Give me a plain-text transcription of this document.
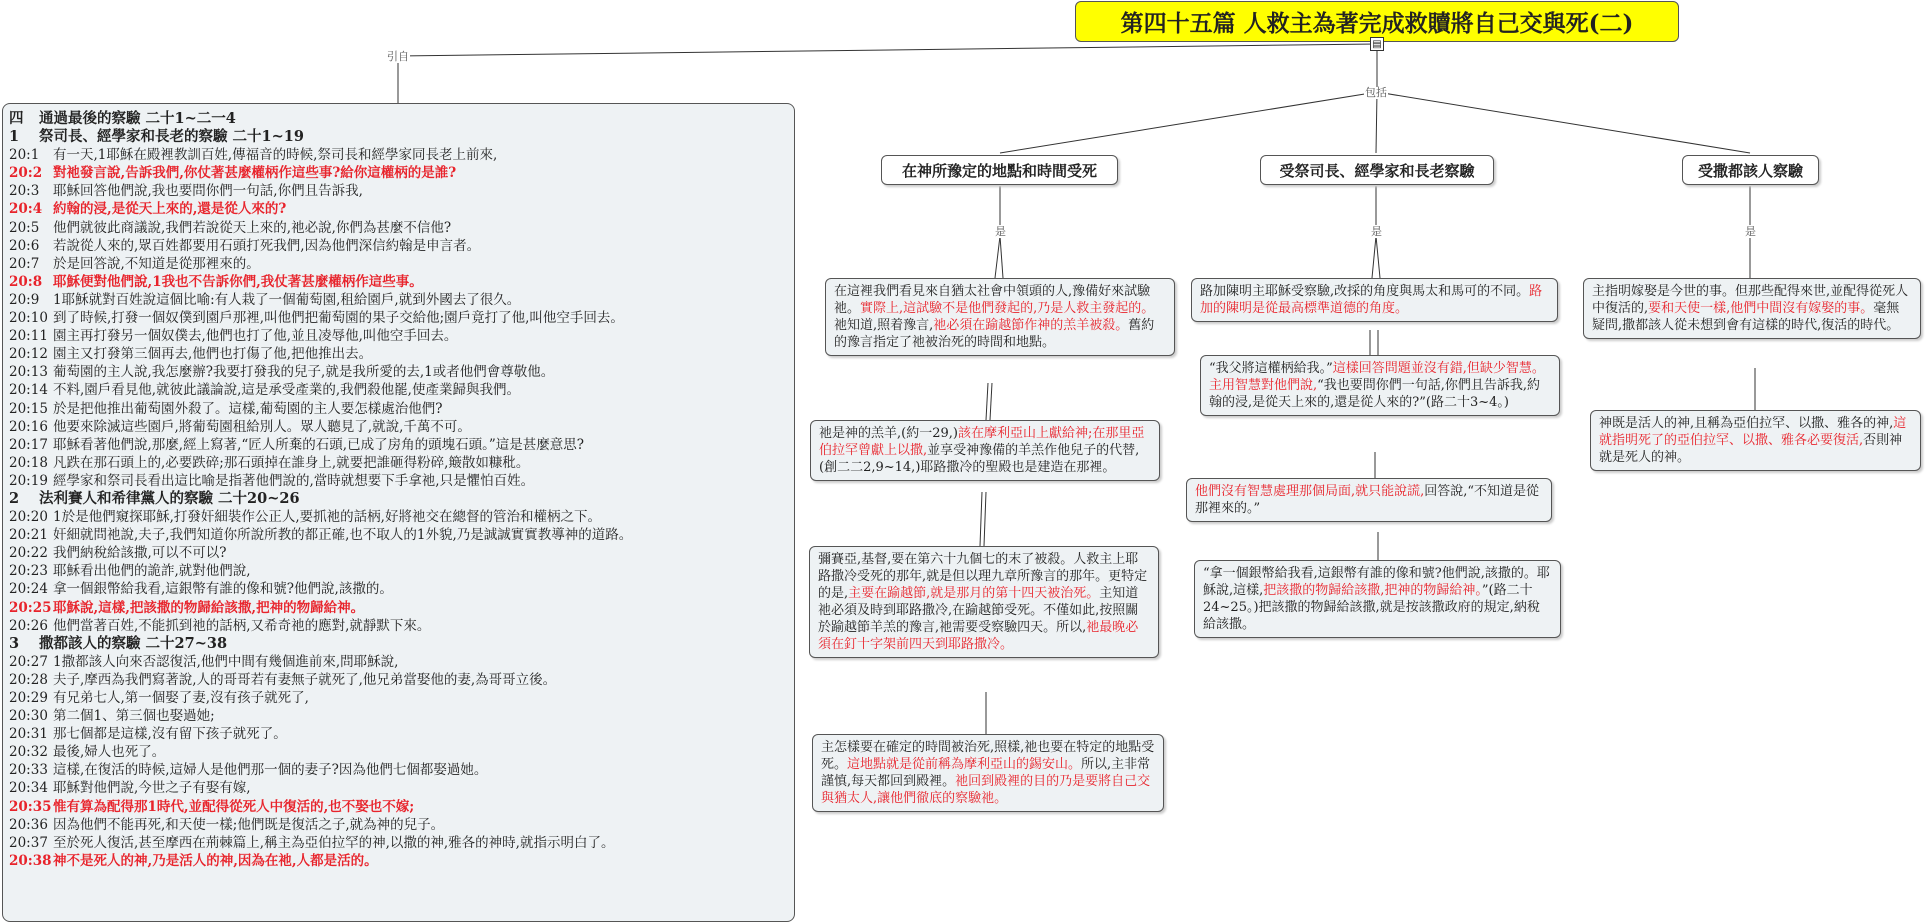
第四十五篇 人救主為著完成救贖將自己交與死(二)
▤
引自
包括
是	是	是
在神所豫定的地點和時間受死	受祭司長、經學家和長老察驗	受撒都該人察驗
在這裡我們看見來自猶太社會中領頭的人,豫備好來試驗祂。實際上,這試驗不是他們發起的,乃是人救主發起的。祂知道,照着豫言,祂必須在踰越節作神的羔羊被殺。舊約的豫言指定了祂被治死的時間和地點。
祂是神的羔羊,(約一29,)該在摩利亞山上獻給神;在那里亞伯拉罕曾獻上以撒,並享受神豫備的羊羔作他兒子的代替,(創二二2,9~14,)耶路撒冷的聖殿也是建造在那裡。
彌賽亞,基督,要在第六十九個七的末了被殺。人救主上耶路撒冷受死的那年,就是但以理九章所豫言的那年。更特定的是,主要在踰越節,就是那月的第十四天被治死。主知道祂必須及時到耶路撒冷,在踰越節受死。不僅如此,按照關於踰越節羊羔的豫言,祂需要受察驗四天。所以,祂最晚必須在釘十字架前四天到耶路撒冷。
主怎樣要在確定的時間被治死,照樣,祂也要在特定的地點受死。這地點就是從前稱為摩利亞山的錫安山。所以,主非常謹慎,每天都回到殿裡。祂回到殿裡的目的乃是要將自己交與猶太人,讓他們徹底的察驗祂。
路加陳明主耶穌受察驗,改採的角度與馬太和馬可的不同。路加的陳明是從最高標準道德的角度。
“我父將這權柄給我。”這樣回答問題並沒有錯,但缺少智慧。主用智慧對他們說,“我也要問你們一句話,你們且告訴我,約翰的浸,是從天上來的,還是從人來的?”(路二十3~4。)
他們沒有智慧處理那個局面,就只能說謊,回答說,“不知道是從那裡來的。”
“拿一個銀幣給我看,這銀幣有誰的像和號?他們說,該撒的。耶穌說,這樣,把該撒的物歸給該撒,把神的物歸給神。”(路二十24~25。)把該撒的物歸給該撒,就是按該撒政府的規定,納稅給該撒。
主指明嫁娶是今世的事。但那些配得來世,並配得從死人中復活的,要和天使一樣,他們中間沒有嫁娶的事。毫無疑問,撒都該人從未想到會有這樣的時代,復活的時代。
神既是活人的神,且稱為亞伯拉罕、以撒、雅各的神,這就指明死了的亞伯拉罕、以撒、雅各必要復活,否則神就是死人的神。
四 通過最後的察驗 二十1~二一4
1 祭司長、經學家和長老的察驗 二十1~19
20:1 有一天,1耶穌在殿裡教訓百姓,傳福音的時候,祭司長和經學家同長老上前來,
20:2 對祂發言說,告訴我們,你仗著甚麼權柄作這些事?給你這權柄的是誰?
20:3 耶穌回答他們說,我也要問你們一句話,你們且告訴我,
20:4 約翰的浸,是從天上來的,還是從人來的?
20:5 他們就彼此商議說,我們若說從天上來的,祂必說,你們為甚麼不信他?
20:6 若說從人來的,眾百姓都要用石頭打死我們,因為他們深信約翰是申言者。
20:7 於是回答說,不知道是從那裡來的。
20:8 耶穌便對他們說,1我也不告訴你們,我仗著甚麼權柄作這些事。
20:9 1耶穌就對百姓說這個比喻:有人栽了一個葡萄園,租給園戶,就到外國去了很久。
20:10 到了時候,打發一個奴僕到園戶那裡,叫他們把葡萄園的果子交給他;園戶竟打了他,叫他空手回去。
20:11 園主再打發另一個奴僕去,他們也打了他,並且凌辱他,叫他空手回去。
20:12 園主又打發第三個再去,他們也打傷了他,把他推出去。
20:13 葡萄園的主人說,我怎麼辦?我要打發我的兒子,就是我所愛的去,1或者他們會尊敬他。
20:14 不料,園戶看見他,就彼此議論說,這是承受產業的,我們殺他罷,使產業歸與我們。
20:15 於是把他推出葡萄園外殺了。這樣,葡萄園的主人要怎樣處治他們?
20:16 他要來除滅這些園戶,將葡萄園租給別人。眾人聽見了,就說,千萬不可。
20:17 耶穌看著他們說,那麼,經上寫著,“匠人所棄的石頭,已成了房角的頭塊石頭。”這是甚麼意思?
20:18 凡跌在那石頭上的,必要跌碎;那石頭掉在誰身上,就要把誰砸得粉碎,簸散如糠秕。
20:19 經學家和祭司長看出這比喻是指著他們說的,當時就想要下手拿祂,只是懼怕百姓。
2 法利賽人和希律黨人的察驗 二十20~26
20:20 1於是他們窺探耶穌,打發奸細裝作公正人,要抓祂的話柄,好將祂交在總督的管治和權柄之下。
20:21 奸細就問祂說,夫子,我們知道你所說所教的都正確,也不取人的1外貌,乃是誠誠實實教導神的道路。
20:22 我們納稅給該撒,可以不可以?
20:23 耶穌看出他們的詭詐,就對他們說,
20:24 拿一個銀幣給我看,這銀幣有誰的像和號?他們說,該撒的。
20:25耶穌說,這樣,把該撒的物歸給該撒,把神的物歸給神。
20:26 他們當著百姓,不能抓到祂的話柄,又希奇祂的應對,就靜默下來。
3 撒都該人的察驗 二十27~38
20:27 1撒都該人向來否認復活,他們中間有幾個進前來,問耶穌說,
20:28 夫子,摩西為我們寫著說,人的哥哥若有妻無子就死了,他兄弟當娶他的妻,為哥哥立後。
20:29 有兄弟七人,第一個娶了妻,沒有孩子就死了,
20:30 第二個1、第三個也娶過她;
20:31 那七個都是這樣,沒有留下孩子就死了。
20:32 最後,婦人也死了。
20:33 這樣,在復活的時候,這婦人是他們那一個的妻子?因為他們七個都娶過她。
20:34 耶穌對他們說,今世之子有娶有嫁,
20:35惟有算為配得那1時代,並配得從死人中復活的,也不娶也不嫁;
20:36 因為他們不能再死,和天使一樣;他們既是復活之子,就為神的兒子。
20:37 至於死人復活,甚至摩西在荊棘篇上,稱主為亞伯拉罕的神,以撒的神,雅各的神時,就指示明白了。
20:38神不是死人的神,乃是活人的神,因為在祂,人都是活的。
